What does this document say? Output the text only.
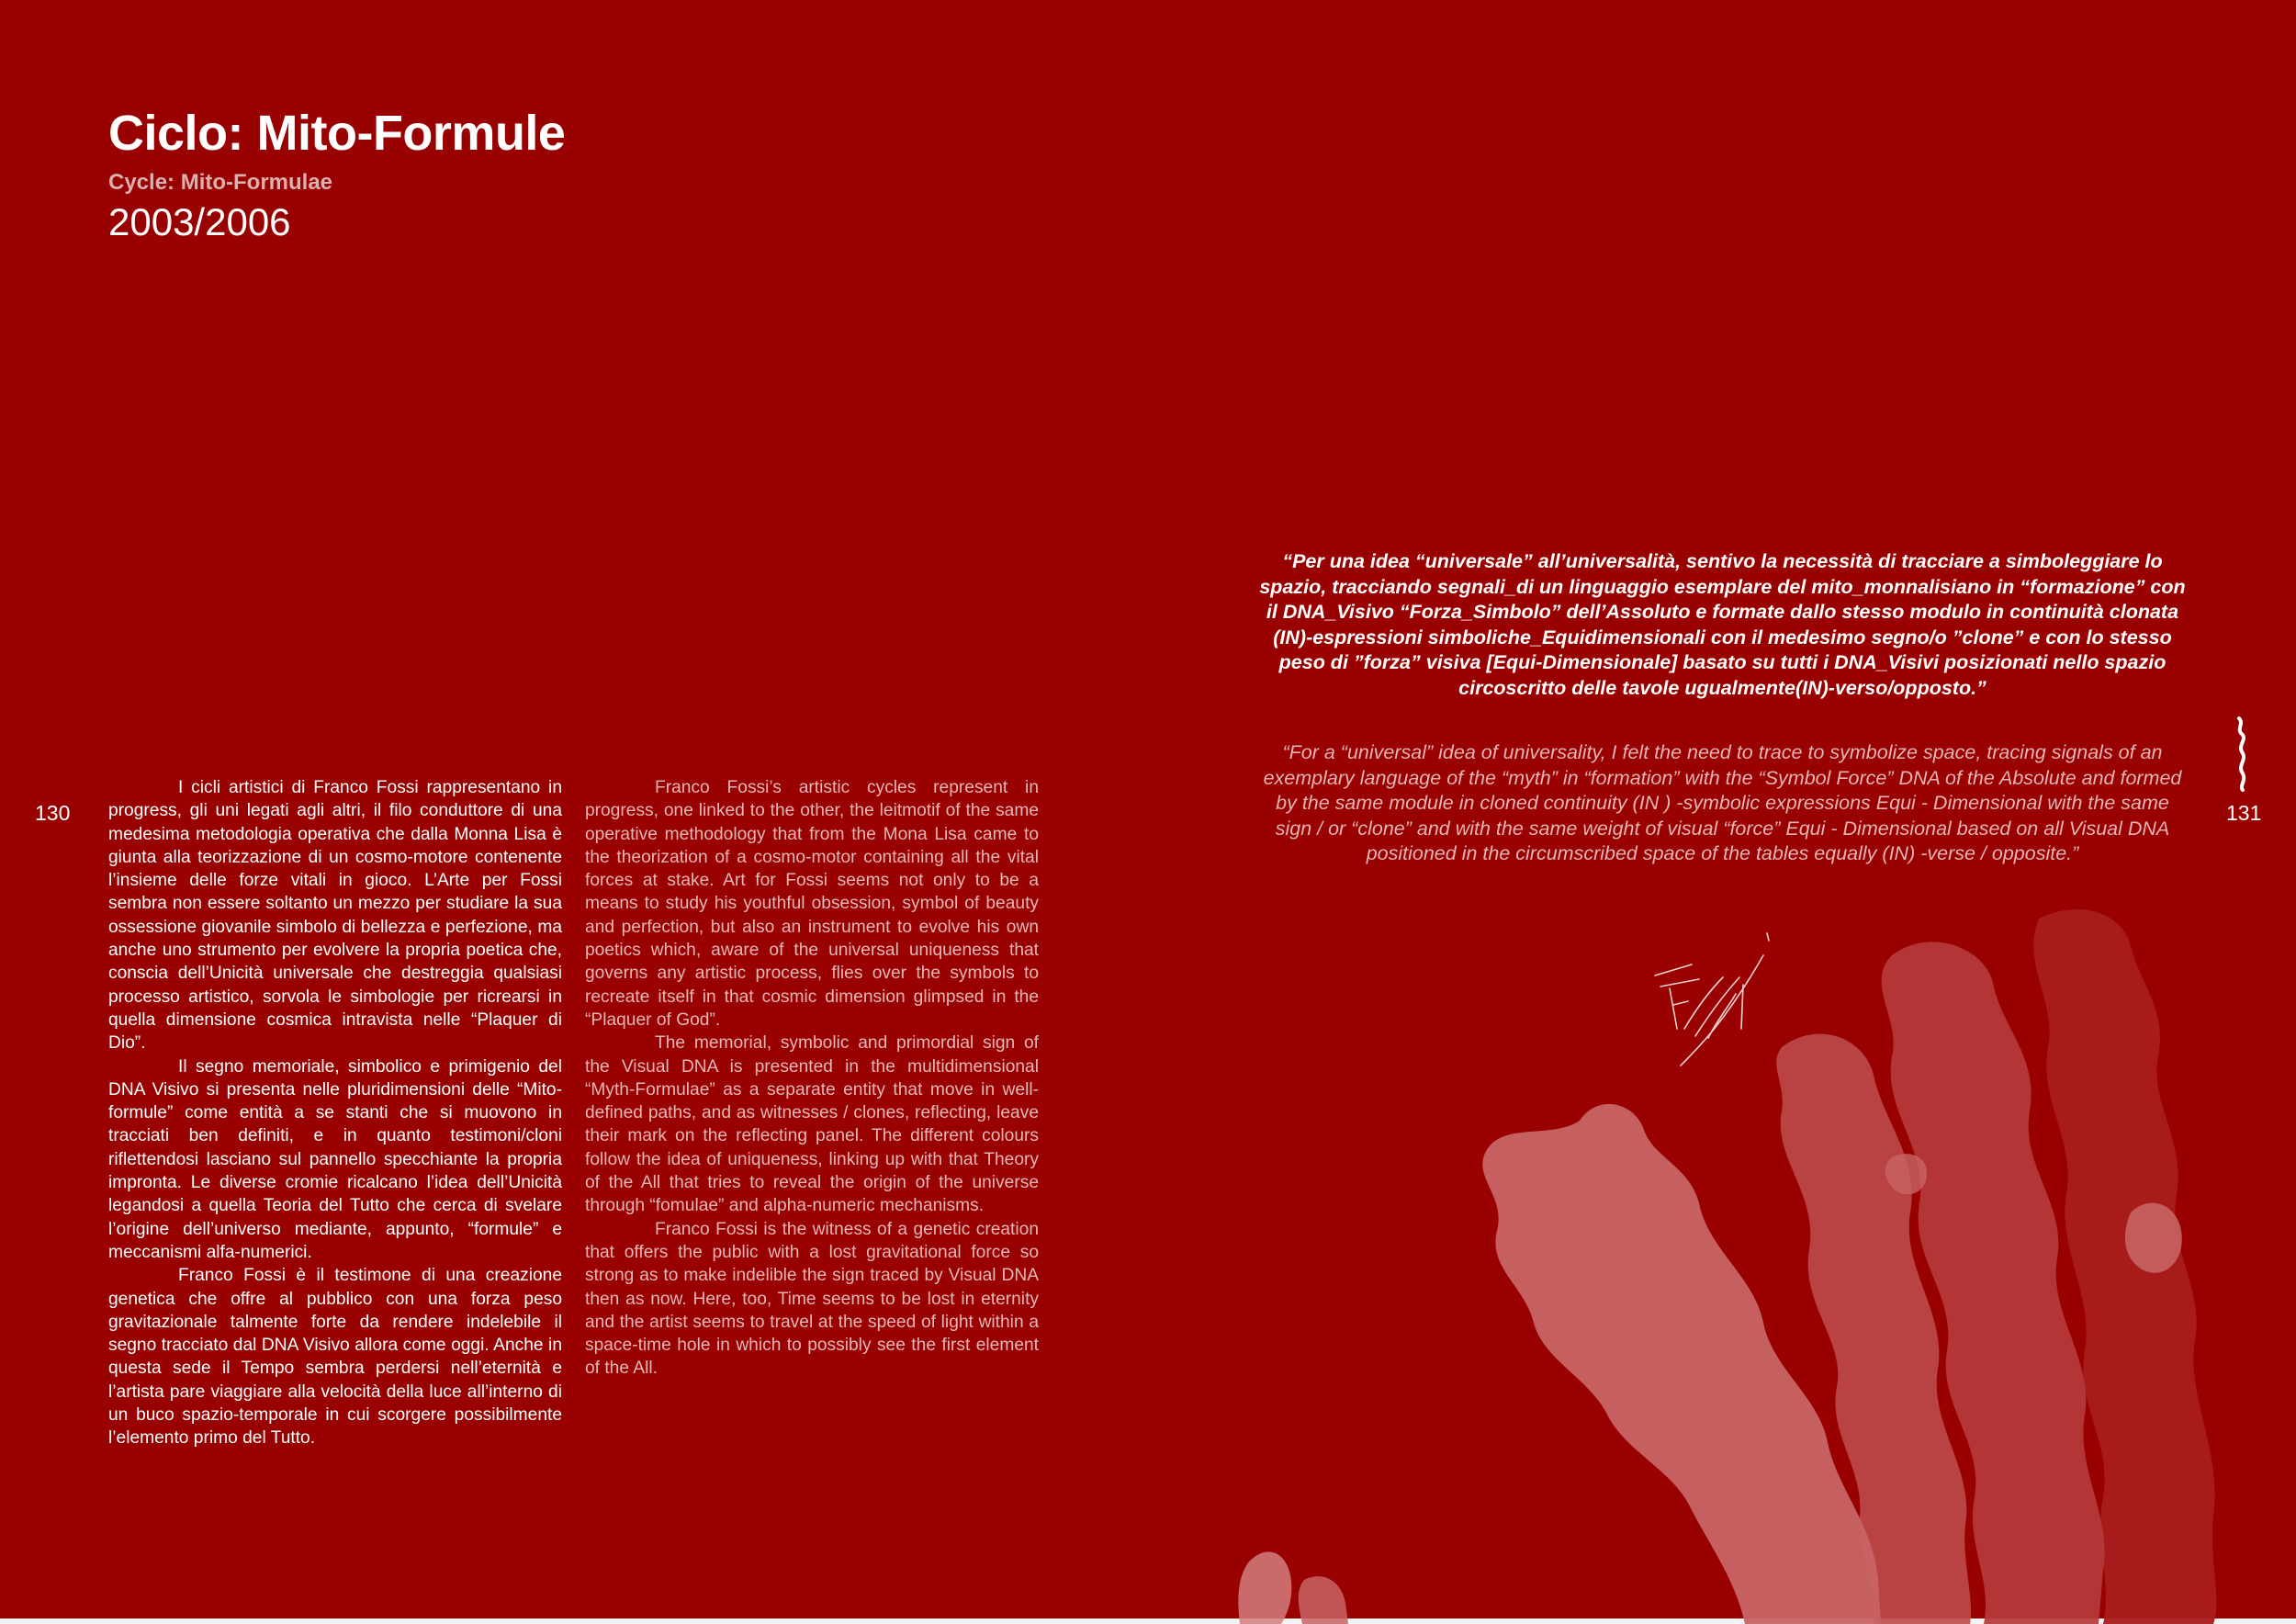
Ciclo: Mito-Formule
Cycle: Mito-Formulae
2003/2006
130	131

I cicli artistici di Franco Fossi rappresentano in progress, gli uni legati agli altri, il filo conduttore di una medesima metodologia operativa che dalla Monna Lisa è giunta alla teorizzazione di un cosmo-motore contenente l’insieme delle forze vitali in gioco. L’Arte per Fossi sembra non essere soltanto un mezzo per studiare la sua ossessione giovanile simbolo di bellezza e perfezione, ma anche uno strumento per evolvere la propria poetica che, conscia dell’Unicità universale che destreggia qualsiasi processo artistico, sorvola le simbologie per ricrearsi in quella dimensione cosmica intravista nelle “Plaquer di Dio”.

Il segno memoriale, simbolico e primigenio del DNA Visivo si presenta nelle pluridimensioni delle “Mito-formule” come entità a se stanti che si muovono in tracciati ben definiti, e in quanto testimoni/cloni riflettendosi lasciano sul pannello specchiante la propria impronta. Le diverse cromie ricalcano l’idea dell’Unicità legandosi a quella Teoria del Tutto che cerca di svelare l’origine dell’universo mediante, appunto, “formule” e meccanismi alfa-numerici.

Franco Fossi è il testimone di una creazione genetica che offre al pubblico con una forza peso gravitazionale talmente forte da rendere indelebile il segno tracciato dal DNA Visivo allora come oggi. Anche in questa sede il Tempo sembra perdersi nell’eternità e l’artista pare viaggiare alla velocità della luce all’interno di un buco spazio-temporale in cui scorgere possibilmente l’elemento primo del Tutto.

Franco Fossi’s artistic cycles represent in progress, one linked to the other, the leitmotif of the same operative methodology that from the Mona Lisa came to the theorization of a cosmo-motor containing all the vital forces at stake. Art for Fossi seems not only to be a means to study his youthful obsession, symbol of beauty and perfection, but also an instrument to evolve his own poetics which, aware of the universal uniqueness that governs any artistic process, flies over the symbols to recreate itself in that cosmic dimension glimpsed in the “Plaquer of God”.

The memorial, symbolic and primordial sign of the Visual DNA is presented in the multidimensional “Myth-Formulae” as a separate entity that move in well-defined paths, and as witnesses / clones, reflecting, leave their mark on the reflecting panel. The different colours follow the idea of uniqueness, linking up with that Theory of the All that tries to reveal the origin of the universe through “fomulae” and alpha-numeric mechanisms.

Franco Fossi is the witness of a genetic creation that offers the public with a lost gravitational force so strong as to make indelible the sign traced by Visual DNA then as now. Here, too, Time seems to be lost in eternity and the artist seems to travel at the speed of light within a space-time hole in which to possibly see the first element of the All.

“Per una idea “universale” all’universalità, sentivo la necessità di tracciare a simboleggiare lo spazio, tracciando segnali_di un linguaggio esemplare del mito_monnalisiano in “formazione” con il DNA_Visivo “Forza_Simbolo” dell’Assoluto e formate dallo stesso modulo in continuità clonata (IN)-espressioni simboliche_Equidimensionali con il medesimo segno/o ”clone” e con lo stesso peso di ”forza” visiva [Equi-Dimensionale] basato su tutti i DNA_Visivi posizionati nello spazio circoscritto delle tavole ugualmente(IN)-verso/opposto.”
“For a “universal” idea of universality, I felt the need to trace to symbolize space, tracing signals of an exemplary language of the “myth” in “formation” with the “Symbol Force” DNA of the Absolute and formed by the same module in cloned continuity (IN ) -symbolic expressions Equi - Dimensional with the same sign / or “clone” and with the same weight of visual “force” Equi - Dimensional based on all Visual DNA positioned in the circumscribed space of the tables equally (IN) -verse / opposite.”
